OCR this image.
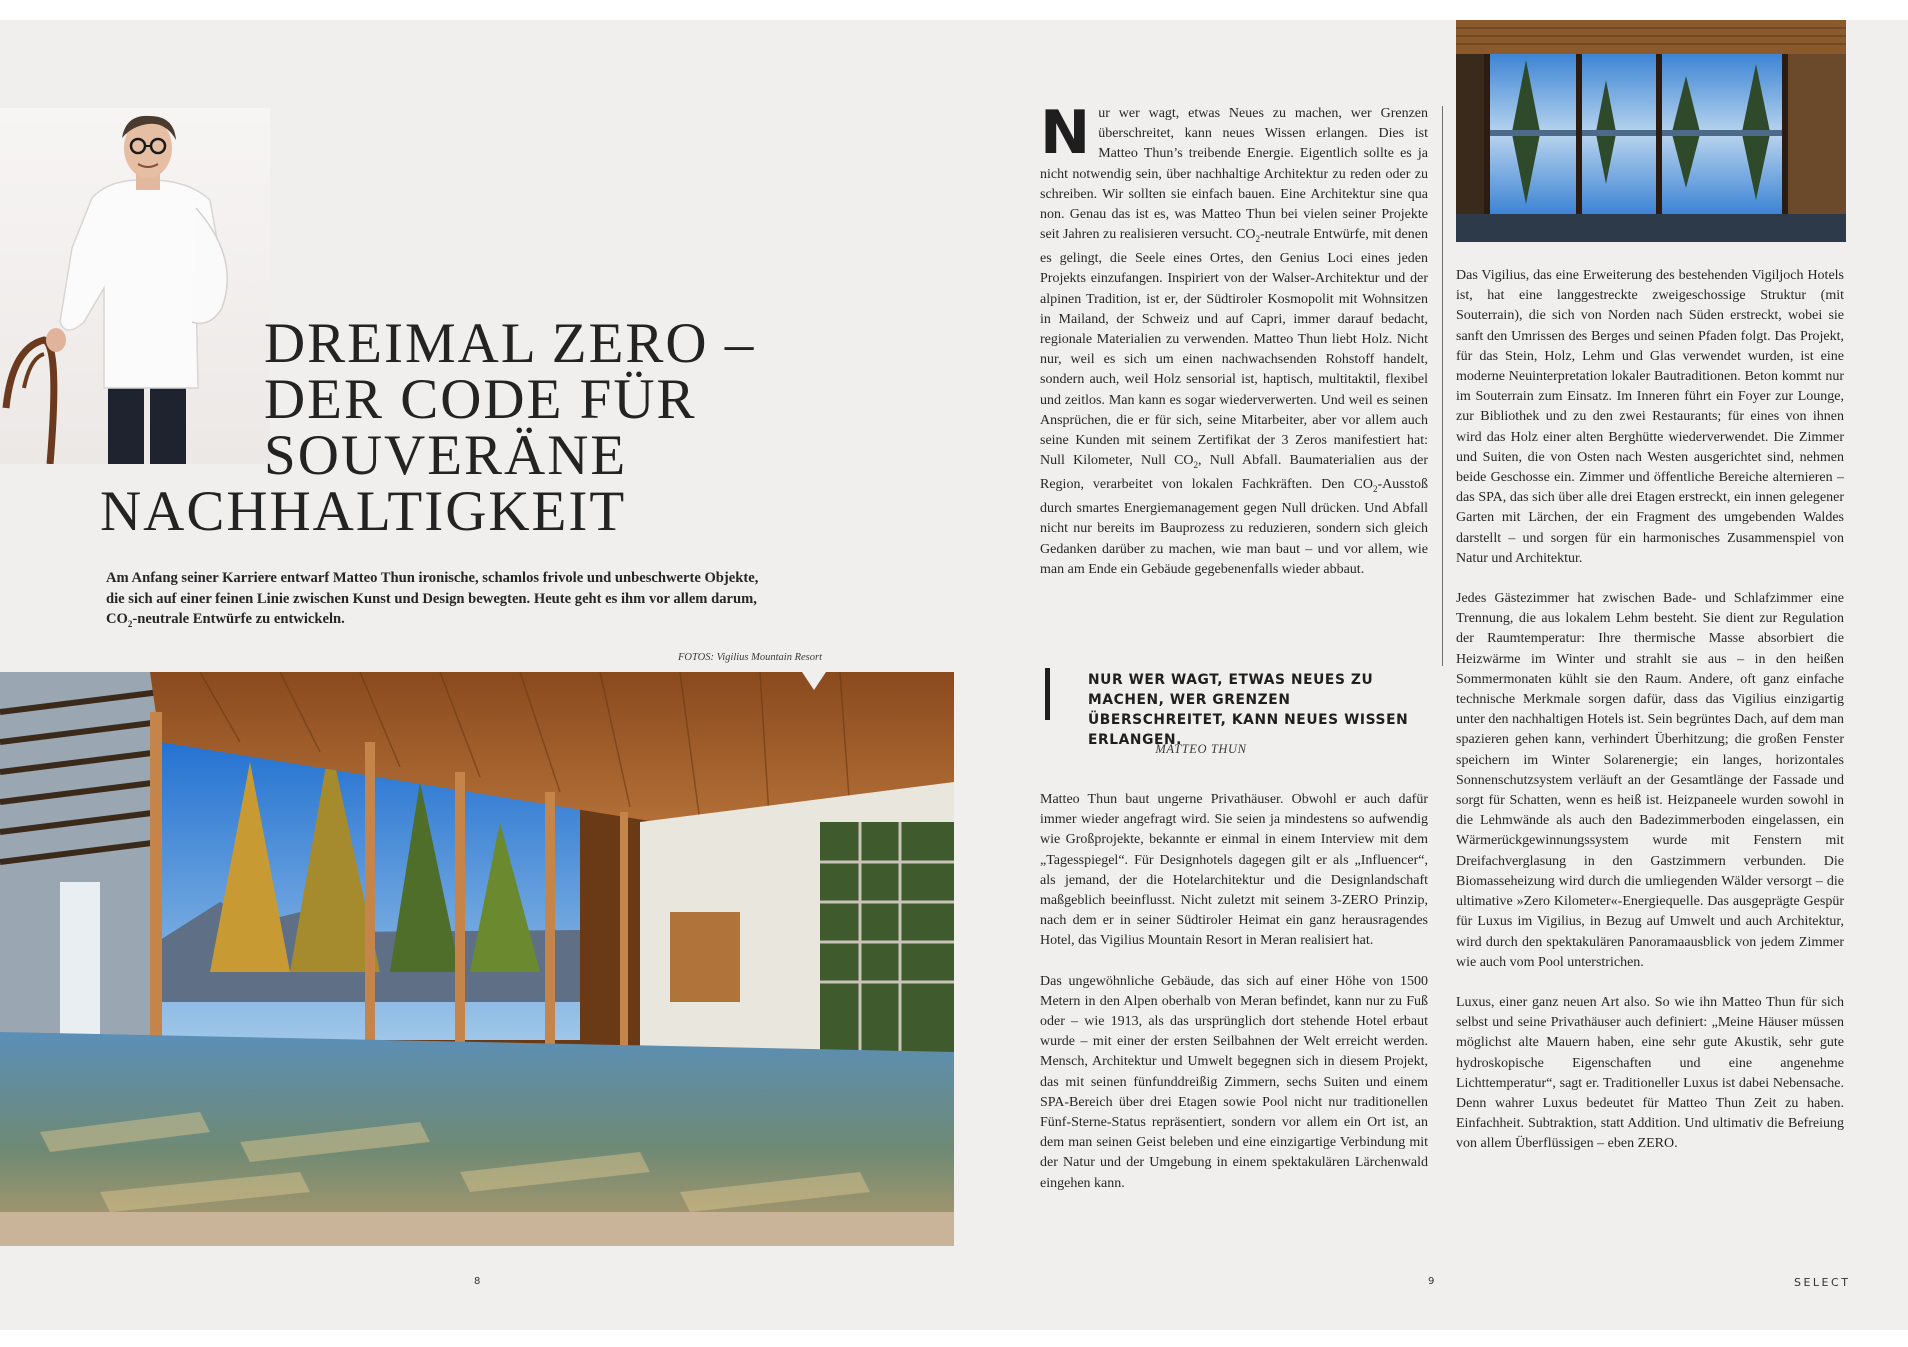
DREIMAL ZERO –
DER CODE FÜR
SOUVERÄNE
NACHHALTIGKEIT

Am Anfang seiner Karriere entwarf Matteo Thun ironische, schamlos frivole und unbeschwerte Objekte,

die sich auf einer feinen Linie zwischen Kunst und Design bewegten. Heute geht es ihm vor allem darum,

$CO_2$-neutrale Entwürfe zu entwickeln.

FOTOS: Vigilius Mountain Resort
8

Nur wer wagt, etwas Neues zu machen, wer Grenzen überschreitet, kann neues Wissen erlangen. Dies ist Matteo Thun’s treibende Energie. Eigentlich sollte es ja nicht notwendig sein, über nachhaltige Architektur zu reden oder zu schreiben. Wir sollten sie einfach bauen. Eine Architektur sine qua non. Genau das ist es, was Matteo Thun bei vielen seiner Projekte seit Jahren zu realisieren versucht. $CO_2$-neutrale Entwürfe, mit denen es gelingt, die Seele eines Ortes, den Genius Loci eines jeden Projekts einzufangen. Inspiriert von der Walser-Architektur und der alpinen Tradition, ist er, der Südtiroler Kosmopolit mit Wohnsitzen in Mailand, der Schweiz und auf Capri, immer darauf bedacht, regionale Materialien zu verwenden. Matteo Thun liebt Holz. Nicht nur, weil es sich um einen nachwachsenden Rohstoff handelt, sondern auch, weil Holz sensorial ist, haptisch, multitaktil, flexibel und zeitlos. Man kann es sogar wiederverwerten. Und weil es seinen Ansprüchen, die er für sich, seine Mitarbeiter, aber vor allem auch seine Kunden mit seinem Zertifikat der 3 Zeros manifestiert hat: Null Kilometer, Null $CO_2$, Null Abfall. Baumaterialien aus der Region, verarbeitet von lokalen Fachkräften. Den $CO_2$-Ausstoß durch smartes Energiemanagement gegen Null drücken. Und Abfall nicht nur bereits im Bauprozess zu reduzieren, sondern sich gleich Gedanken darüber zu machen, wie man baut – und vor allem, wie man am Ende ein Gebäude gegebenenfalls wieder abbaut.

NUR WER WAGT, ETWAS NEUES ZU MACHEN, WER GRENZEN ÜBERSCHREITET, KANN NEUES WISSEN ERLANGEN.
MATTEO THUN

Matteo Thun baut ungerne Privathäuser. Obwohl er auch dafür immer wieder angefragt wird. Sie seien ja mindestens so aufwendig wie Großprojekte, bekannte er einmal in einem Interview mit dem „Tagesspiegel“. Für Designhotels dagegen gilt er als „Influencer“, als jemand, der die Hotelarchitektur und die Designlandschaft maßgeblich beeinflusst. Nicht zuletzt mit seinem 3-ZERO Prinzip, nach dem er in seiner Südtiroler Heimat ein ganz herausragendes Hotel, das Vigilius Mountain Resort in Meran realisiert hat.

Das ungewöhnliche Gebäude, das sich auf einer Höhe von 1500 Metern in den Alpen oberhalb von Meran befindet, kann nur zu Fuß oder – wie 1913, als das ursprünglich dort stehende Hotel erbaut wurde – mit einer der ersten Seilbahnen der Welt erreicht werden. Mensch, Architektur und Umwelt begegnen sich in diesem Projekt, das mit seinen fünfunddreißig Zimmern, sechs Suiten und einem SPA-Bereich über drei Etagen sowie Pool nicht nur traditionellen Fünf-Sterne-Status repräsentiert, sondern vor allem ein Ort ist, an dem man seinen Geist beleben und eine einzigartige Verbindung mit der Natur und der Umgebung in einem spektakulären Lärchenwald eingehen kann.

Das Vigilius, das eine Erweiterung des bestehenden Vigiljoch Hotels ist, hat eine langgestreckte zweigeschossige Struktur (mit Souterrain), die sich von Norden nach Süden erstreckt, wobei sie sanft den Umrissen des Berges und seinen Pfaden folgt. Das Projekt, für das Stein, Holz, Lehm und Glas verwendet wurden, ist eine moderne Neuinterpretation lokaler Bautraditionen. Beton kommt nur im Souterrain zum Einsatz. Im Inneren führt ein Foyer zur Lounge, zur Bibliothek und zu den zwei Restaurants; für eines von ihnen wird das Holz einer alten Berghütte wiederverwendet. Die Zimmer und Suiten, die von Osten nach Westen ausgerichtet sind, nehmen beide Geschosse ein. Zimmer und öffentliche Bereiche alternieren – das SPA, das sich über alle drei Etagen erstreckt, ein innen gelegener Garten mit Lärchen, der ein Fragment des umgebenden Waldes darstellt – und sorgen für ein harmonisches Zusammenspiel von Natur und Architektur.

Jedes Gästezimmer hat zwischen Bade- und Schlafzimmer eine Trennung, die aus lokalem Lehm besteht. Sie dient zur Regulation der Raumtemperatur: Ihre thermische Masse absorbiert die Heizwärme im Winter und strahlt sie aus – in den heißen Sommermonaten kühlt sie den Raum. Andere, oft ganz einfache technische Merkmale sorgen dafür, dass das Vigilius einzigartig unter den nachhaltigen Hotels ist. Sein begrüntes Dach, auf dem man spazieren gehen kann, verhindert Überhitzung; die großen Fenster speichern im Winter Solarenergie; ein langes, horizontales Sonnenschutzsystem verläuft an der Gesamtlänge der Fassade und sorgt für Schatten, wenn es heiß ist. Heizpaneele wurden sowohl in die Lehmwände als auch den Badezimmerboden eingelassen, ein Wärmerückgewinnungssystem wurde mit Fenstern mit Dreifachverglasung in den Gastzimmern verbunden. Die Biomasseheizung wird durch die umliegenden Wälder versorgt – die ultimative »Zero Kilometer«-Energiequelle. Das ausgeprägte Gespür für Luxus im Vigilius, in Bezug auf Umwelt und auch Architektur, wird durch den spektakulären Panoramaausblick von jedem Zimmer wie auch vom Pool unterstrichen.

Luxus, einer ganz neuen Art also. So wie ihn Matteo Thun für sich selbst und seine Privathäuser auch definiert: „Meine Häuser müssen möglichst alte Mauern haben, eine sehr gute Akustik, sehr gute hydroskopische Eigenschaften und eine angenehme Lichttemperatur“, sagt er. Traditioneller Luxus ist dabei Nebensache. Denn wahrer Luxus bedeutet für Matteo Thun Zeit zu haben. Einfachheit. Subtraktion, statt Addition. Und ultimativ die Befreiung von allem Überflüssigen – eben ZERO.

9	SELECT
